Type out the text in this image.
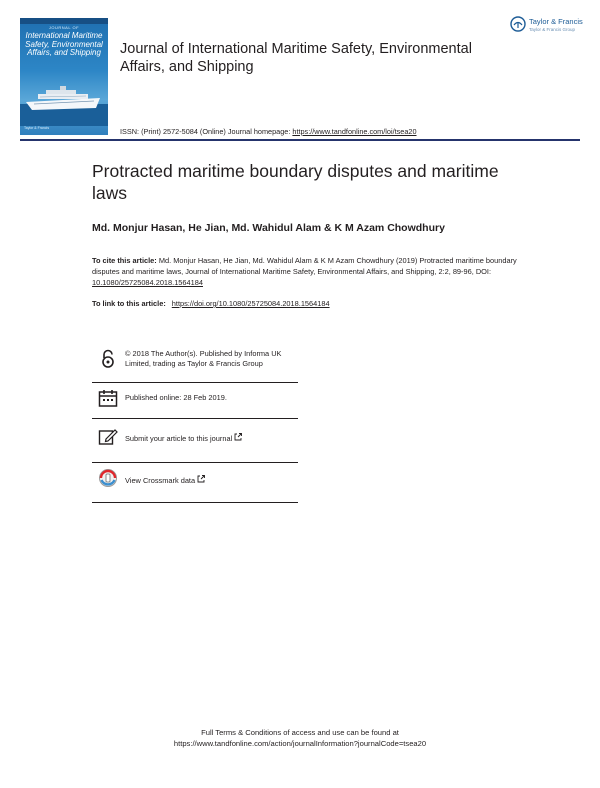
JOURNAL OF
International Maritime Safety, Environmental Affairs, and Shipping
Taylor & Francis
Journal of International Maritime Safety, Environmental Affairs, and Shipping
Taylor & Francis
Taylor & Francis Group
ISSN: (Print) 2572-5084 (Online) Journal homepage: https://www.tandfonline.com/loi/tsea20
Protracted maritime boundary disputes and maritime laws
Md. Monjur Hasan, He Jian, Md. Wahidul Alam & K M Azam Chowdhury
To cite this article: Md. Monjur Hasan, He Jian, Md. Wahidul Alam & K M Azam Chowdhury (2019) Protracted maritime boundary disputes and maritime laws, Journal of International Maritime Safety, Environmental Affairs, and Shipping, 2:2, 89-96, DOI: 10.1080/25725084.2018.1564184
To link to this article: https://doi.org/10.1080/25725084.2018.1564184
© 2018 The Author(s). Published by Informa UK Limited, trading as Taylor & Francis Group
Published online: 28 Feb 2019.
Submit your article to this journal
View Crossmark data
Full Terms & Conditions of access and use can be found at
https://www.tandfonline.com/action/journalInformation?journalCode=tsea20
